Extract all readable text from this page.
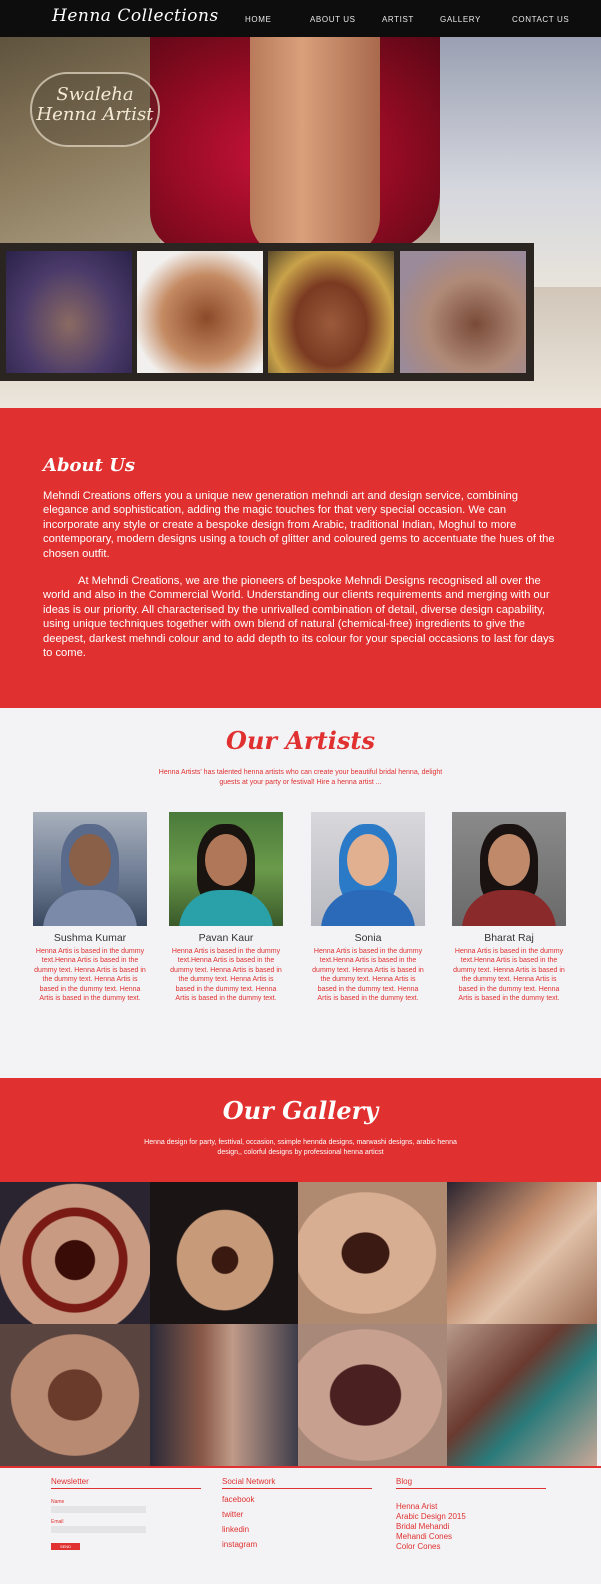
Henna Collections	HOME	ABOUT US	ARTIST	GALLERY	CONTACT US
Swaleha
Henna Artist
About Us
Mehndi Creations offers you a unique new generation mehndi art and design service, combining elegance and sophistication, adding the magic touches for that very special occasion. We can incorporate any style or create a bespoke design from Arabic, traditional Indian, Moghul to more contemporary, modern designs using a touch of glitter and coloured gems to accentuate the hues of the chosen outfit.
At Mehndi Creations, we are the pioneers of bespoke Mehndi Designs recognised all over the world and also in the Commercial World. Understanding our clients requirements and merging with our ideas is our priority. All characterised by the unrivalled combination of detail, diverse design capability, using unique techniques together with own blend of natural (chemical-free) ingredients to give the deepest, darkest mehndi colour and to add depth to its colour for your special occasions to last for days to come.
Our Artists
Henna Artists' has talented henna artists who can create your beautiful bridal henna, delight guests at your party or festival! Hire a henna artist ...
Sushma Kumar
Henna Artis is based in the dummy text.Henna Artis is based in the dummy text. Henna Artis is based in the dummy text. Henna Artis is based in the dummy text. Henna Artis is based in the dummy text.
Pavan Kaur
Henna Artis is based in the dummy text.Henna Artis is based in the dummy text. Henna Artis is based in the dummy text. Henna Artis is based in the dummy text. Henna Artis is based in the dummy text.
Sonia
Henna Artis is based in the dummy text.Henna Artis is based in the dummy text. Henna Artis is based in the dummy text. Henna Artis is based in the dummy text. Henna Artis is based in the dummy text.
Bharat Raj
Henna Artis is based in the dummy text.Henna Artis is based in the dummy text. Henna Artis is based in the dummy text. Henna Artis is based in the dummy text. Henna Artis is based in the dummy text.
Our Gallery
Henna design for party, festtival, occasion, ssimple hennda designs, marwashi designs, arabic henna design,, colorful designs by professional henna articst
Newsletter
Name
Email
SEND
Social Network
facebook
twitter
linkedin
instagram
Blog
Henna Arist
Arabic Design 2015
Bridal Mehandi
Mehandi Cones
Color Cones
